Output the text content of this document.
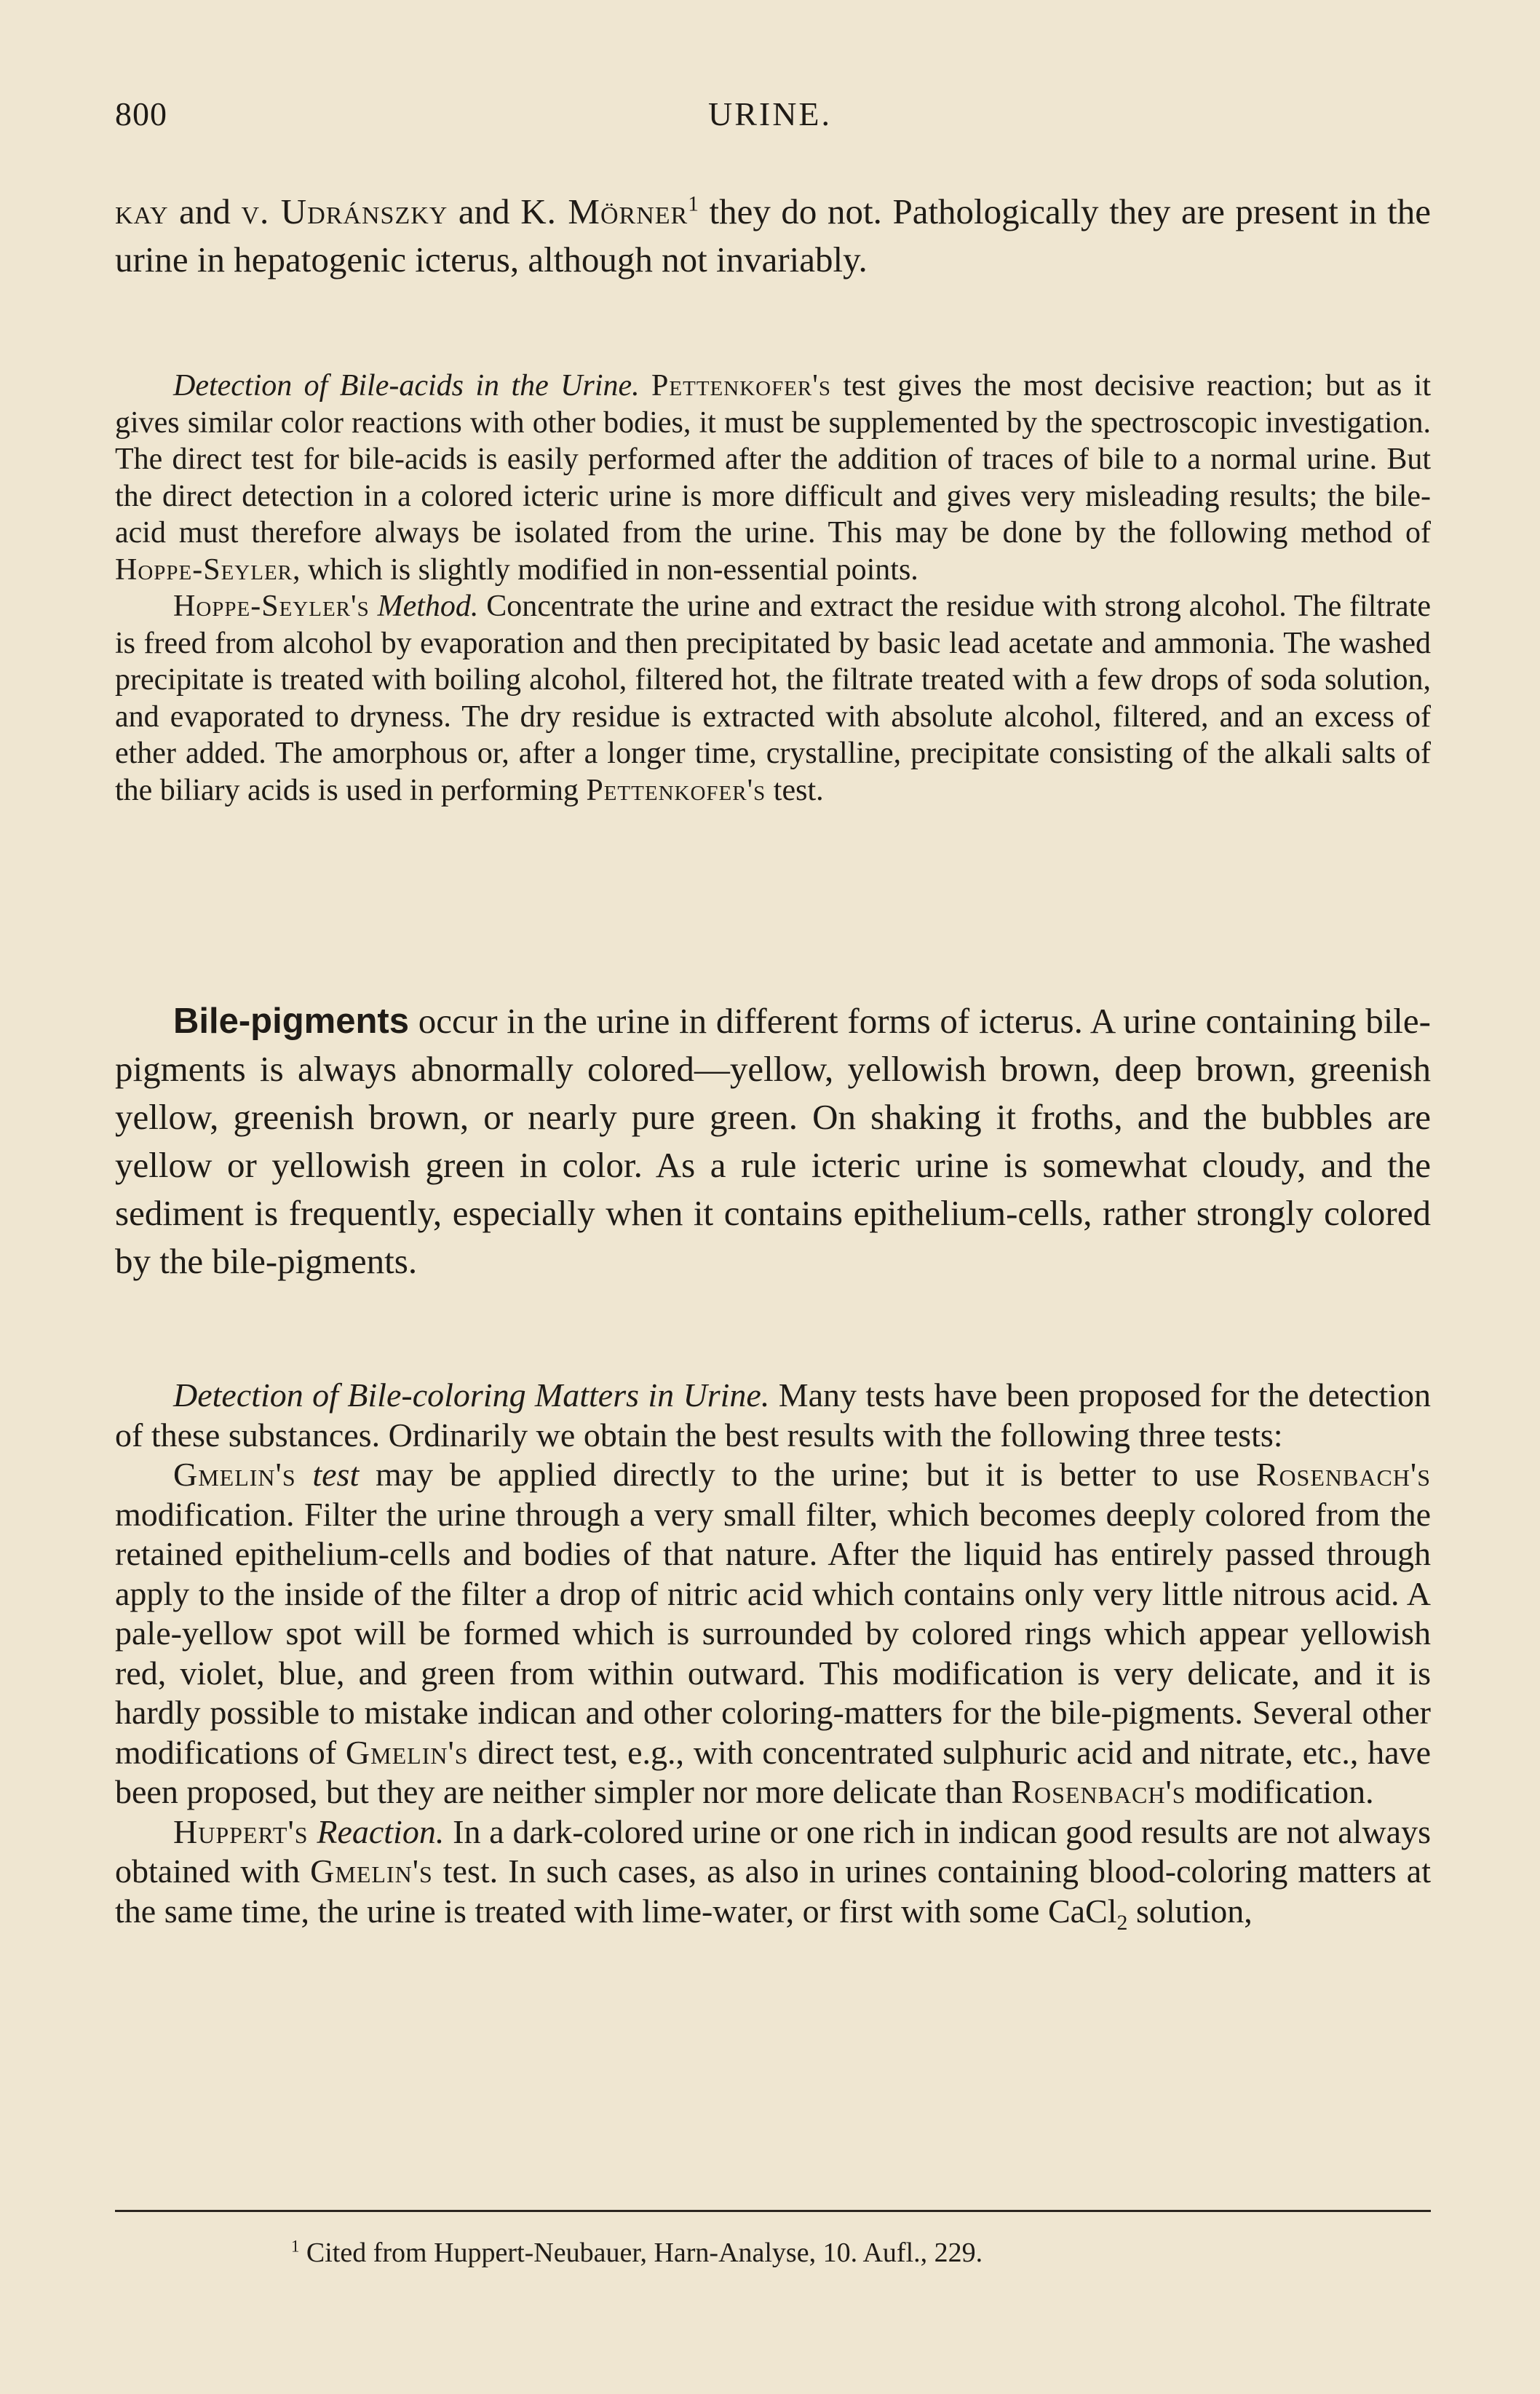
800	URINE.

kay and v. Udránszky and K. Mörner$^1$ they do not. Pathologically they are present in the urine in hepatogenic icterus, although not invariably.

Detection of Bile-acids in the Urine. Pettenkofer's test gives the most decisive reaction; but as it gives similar color reactions with other bodies, it must be supplemented by the spectroscopic investigation. The direct test for bile-acids is easily performed after the addition of traces of bile to a normal urine. But the direct detection in a colored icteric urine is more difficult and gives very misleading results; the bile-acid must therefore always be isolated from the urine. This may be done by the following method of Hoppe-Seyler, which is slightly modified in non-essential points.

Hoppe-Seyler's Method. Concentrate the urine and extract the residue with strong alcohol. The filtrate is freed from alcohol by evaporation and then precipitated by basic lead acetate and ammonia. The washed precipitate is treated with boiling alcohol, filtered hot, the filtrate treated with a few drops of soda solution, and evaporated to dryness. The dry residue is extracted with absolute alcohol, filtered, and an excess of ether added. The amorphous or, after a longer time, crystalline, precipitate consisting of the alkali salts of the biliary acids is used in performing Pettenkofer's test.

Bile-pigments occur in the urine in different forms of icterus. A urine containing bile-pigments is always abnormally colored—yellow, yellowish brown, deep brown, greenish yellow, greenish brown, or nearly pure green. On shaking it froths, and the bubbles are yellow or yellowish green in color. As a rule icteric urine is somewhat cloudy, and the sediment is frequently, especially when it contains epithelium-cells, rather strongly colored by the bile-pigments.

Detection of Bile-coloring Matters in Urine. Many tests have been proposed for the detection of these substances. Ordinarily we obtain the best results with the following three tests:

Gmelin's test may be applied directly to the urine; but it is better to use Rosenbach's modification. Filter the urine through a very small filter, which becomes deeply colored from the retained epithelium-cells and bodies of that nature. After the liquid has entirely passed through apply to the inside of the filter a drop of nitric acid which contains only very little nitrous acid. A pale-yellow spot will be formed which is surrounded by colored rings which appear yellowish red, violet, blue, and green from within outward. This modification is very delicate, and it is hardly possible to mistake indican and other coloring-matters for the bile-pigments. Several other modifications of Gmelin's direct test, e.g., with concentrated sulphuric acid and nitrate, etc., have been proposed, but they are neither simpler nor more delicate than Rosenbach's modification.

Huppert's Reaction. In a dark-colored urine or one rich in indican good results are not always obtained with Gmelin's test. In such cases, as also in urines containing blood-coloring matters at the same time, the urine is treated with lime-water, or first with some CaCl$_2$ solution,

$^1$ Cited from Huppert-Neubauer, Harn-Analyse, 10. Aufl., 229.
